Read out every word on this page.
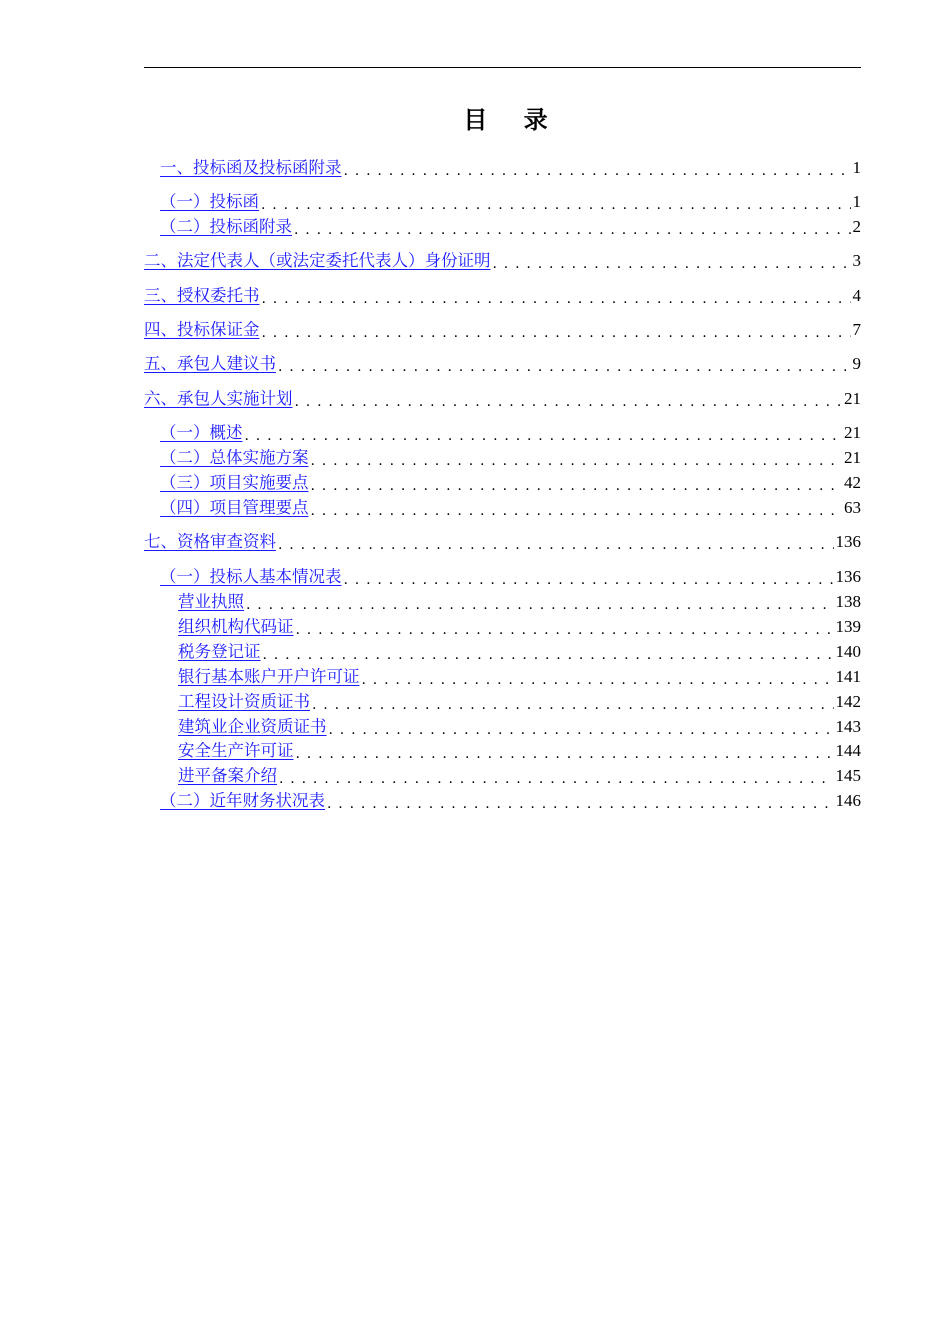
目 录
一、投标函及投标函附录 . . .	1
（一）投标函 . . .	1
（二）投标函附录 . . .	2
二、法定代表人（或法定委托代表人）身份证明 . . .	3
三、授权委托书 . . .	4
四、投标保证金 . . .	7
五、承包人建议书 . . .	9
六、承包人实施计划 . . .	21
（一）概述 . . .	21
（二）总体实施方案 . . .	21
（三）项目实施要点 . . .	42
（四）项目管理要点 . . .	63
七、资格审查资料 . . .	136
（一）投标人基本情况表 . . .	136
营业执照 . . .	138
组织机构代码证 . . .	139
税务登记证 . . .	140
银行基本账户开户许可证 . . .	141
工程设计资质证书 . . .	142
建筑业企业资质证书 . . .	143
安全生产许可证 . . .	144
进平备案介绍 . . .	145
（二）近年财务状况表 . . .	146
